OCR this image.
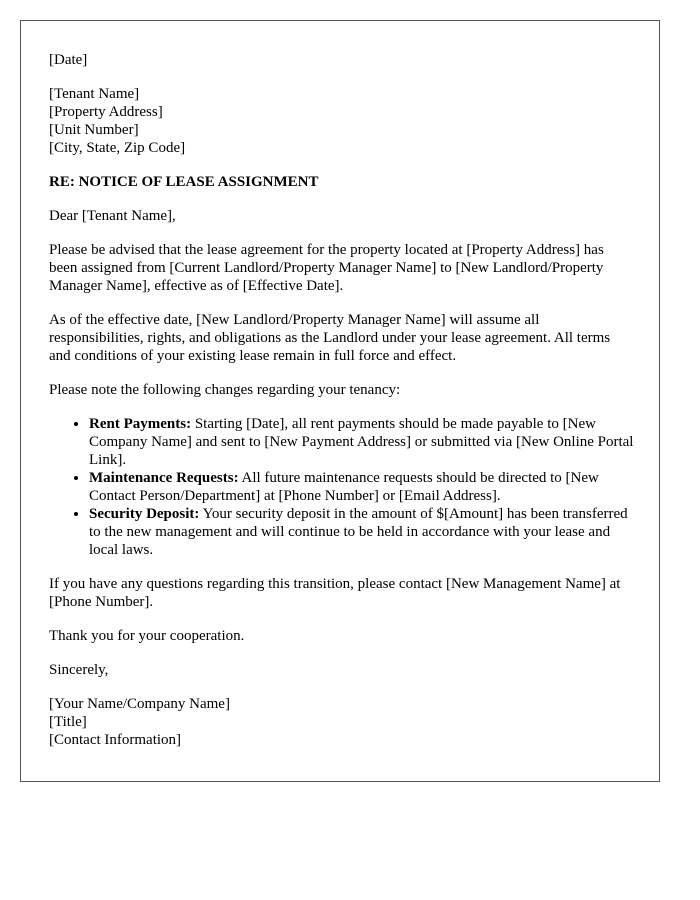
[Date]

[Tenant Name]
[Property Address]
[Unit Number]
[City, State, Zip Code]

RE: NOTICE OF LEASE ASSIGNMENT

Dear [Tenant Name],

Please be advised that the lease agreement for the property located at [Property Address] has been assigned from [Current Landlord/Property Manager Name] to [New Landlord/Property Manager Name], effective as of [Effective Date].

As of the effective date, [New Landlord/Property Manager Name] will assume all responsibilities, rights, and obligations as the Landlord under your lease agreement. All terms and conditions of your existing lease remain in full force and effect.

Please note the following changes regarding your tenancy:

• Rent Payments: Starting [Date], all rent payments should be made payable to [New Company Name] and sent to [New Payment Address] or submitted via [New Online Portal Link].
• Maintenance Requests: All future maintenance requests should be directed to [New Contact Person/Department] at [Phone Number] or [Email Address].
• Security Deposit: Your security deposit in the amount of $[Amount] has been transferred to the new management and will continue to be held in accordance with your lease and local laws.

If you have any questions regarding this transition, please contact [New Management Name] at [Phone Number].

Thank you for your cooperation.

Sincerely,

[Your Name/Company Name]
[Title]
[Contact Information]
